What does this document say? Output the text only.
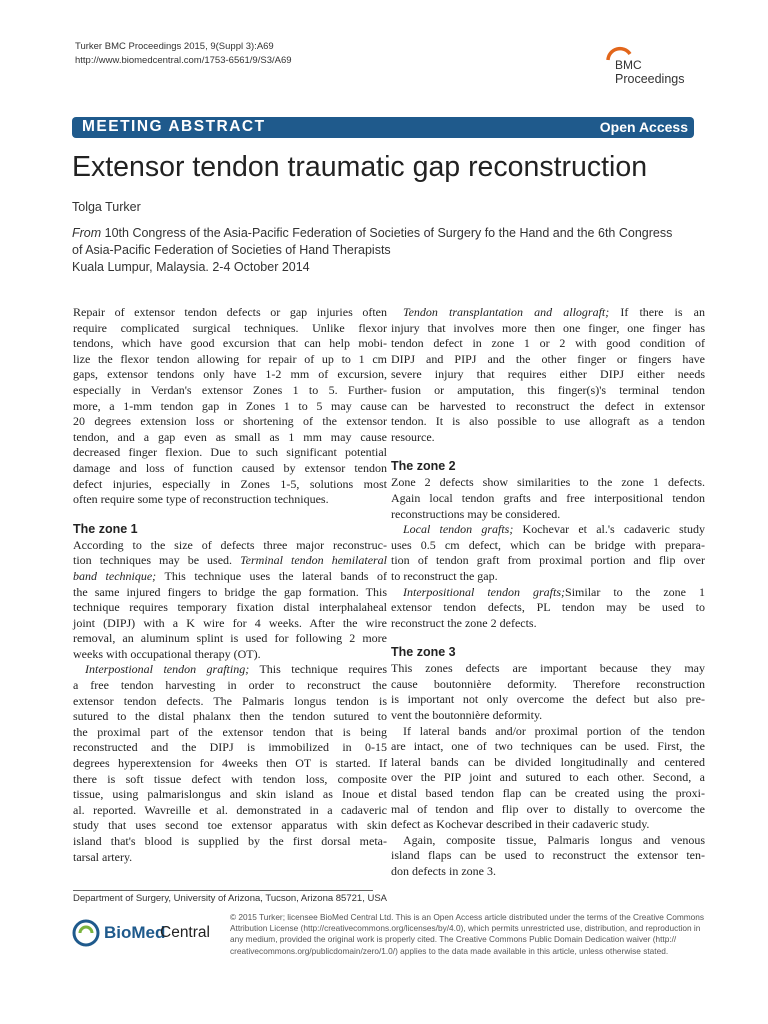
Turker BMC Proceedings 2015, 9(Suppl 3):A69
http://www.biomedcentral.com/1753-6561/9/S3/A69	BMC
Proceedings
MEETING ABSTRACT	Open Access
Extensor tendon traumatic gap reconstruction
Tolga Turker
From 10th Congress of the Asia-Pacific Federation of Societies of Surgery fo the Hand and the 6th Congress
of Asia-Pacific Federation of Societies of Hand Therapists
Kuala Lumpur, Malaysia. 2-4 October 2014
Repair of extensor tendon defects or gap injuries often
require complicated surgical techniques. Unlike flexor
tendons, which have good excursion that can help mobi-
lize the flexor tendon allowing for repair of up to 1 cm
gaps, extensor tendons only have 1-2 mm of excursion,
especially in Verdan's extensor Zones 1 to 5. Further-
more, a 1-mm tendon gap in Zones 1 to 5 may cause
20 degrees extension loss or shortening of the extensor
tendon, and a gap even as small as 1 mm may cause
decreased finger flexion. Due to such significant potential
damage and loss of function caused by extensor tendon
defect injuries, especially in Zones 1-5, solutions most
often require some type of reconstruction techniques.
The zone 1
According to the size of defects three major reconstruc-
tion techniques may be used. Terminal tendon hemilateral
band technique; This technique uses the lateral bands of
the same injured fingers to bridge the gap formation. This
technique requires temporary fixation distal interphalaheal
joint (DIPJ) with a K wire for 4 weeks. After the wire
removal, an aluminum splint is used for following 2 more
weeks with occupational therapy (OT).
Interpostional tendon grafting; This technique requires
a free tendon harvesting in order to reconstruct the
extensor tendon defects. The Palmaris longus tendon is
sutured to the distal phalanx then the tendon sutured to
the proximal part of the extensor tendon that is being
reconstructed and the DIPJ is immobilized in 0-15
degrees hyperextension for 4weeks then OT is started. If
there is soft tissue defect with tendon loss, composite
tissue, using palmarislongus and skin island as Inoue et
al. reported. Wavreille et al. demonstrated in a cadaveric
study that uses second toe extensor apparatus with skin
island that's blood is supplied by the first dorsal meta-
tarsal artery.
Tendon transplantation and allograft; If there is an
injury that involves more then one finger, one finger has
tendon defect in zone 1 or 2 with good condition of
DIPJ and PIPJ and the other finger or fingers have
severe injury that requires either DIPJ either needs
fusion or amputation, this finger(s)'s terminal tendon
can be harvested to reconstruct the defect in extensor
tendon. It is also possible to use allograft as a tendon
resource.
The zone 2
Zone 2 defects show similarities to the zone 1 defects.
Again local tendon grafts and free interpositional tendon
reconstructions may be considered.
Local tendon grafts; Kochevar et al.'s cadaveric study
uses 0.5 cm defect, which can be bridge with prepara-
tion of tendon graft from proximal portion and flip over
to reconstruct the gap.
Interpositional tendon grafts;Similar to the zone 1
extensor tendon defects, PL tendon may be used to
reconstruct the zone 2 defects.
The zone 3
This zones defects are important because they may
cause boutonnière deformity. Therefore reconstruction
is important not only overcome the defect but also pre-
vent the boutonnière deformity.
If lateral bands and/or proximal portion of the tendon
are intact, one of two techniques can be used. First, the
lateral bands can be divided longitudinally and centered
over the PIP joint and sutured to each other. Second, a
distal based tendon flap can be created using the proxi-
mal of tendon and flip over to distally to overcome the
defect as Kochevar described in their cadaveric study.
Again, composite tissue, Palmaris longus and venous
island flaps can be used to reconstruct the extensor ten-
don defects in zone 3.
Department of Surgery, University of Arizona, Tucson, Arizona 85721, USA
BioMed
Central
© 2015 Turker; licensee BioMed Central Ltd. This is an Open Access article distributed under the terms of the Creative Commons
Attribution License (http://creativecommons.org/licenses/by/4.0), which permits unrestricted use, distribution, and reproduction in
any medium, provided the original work is properly cited. The Creative Commons Public Domain Dedication waiver (http://
creativecommons.org/publicdomain/zero/1.0/) applies to the data made available in this article, unless otherwise stated.
